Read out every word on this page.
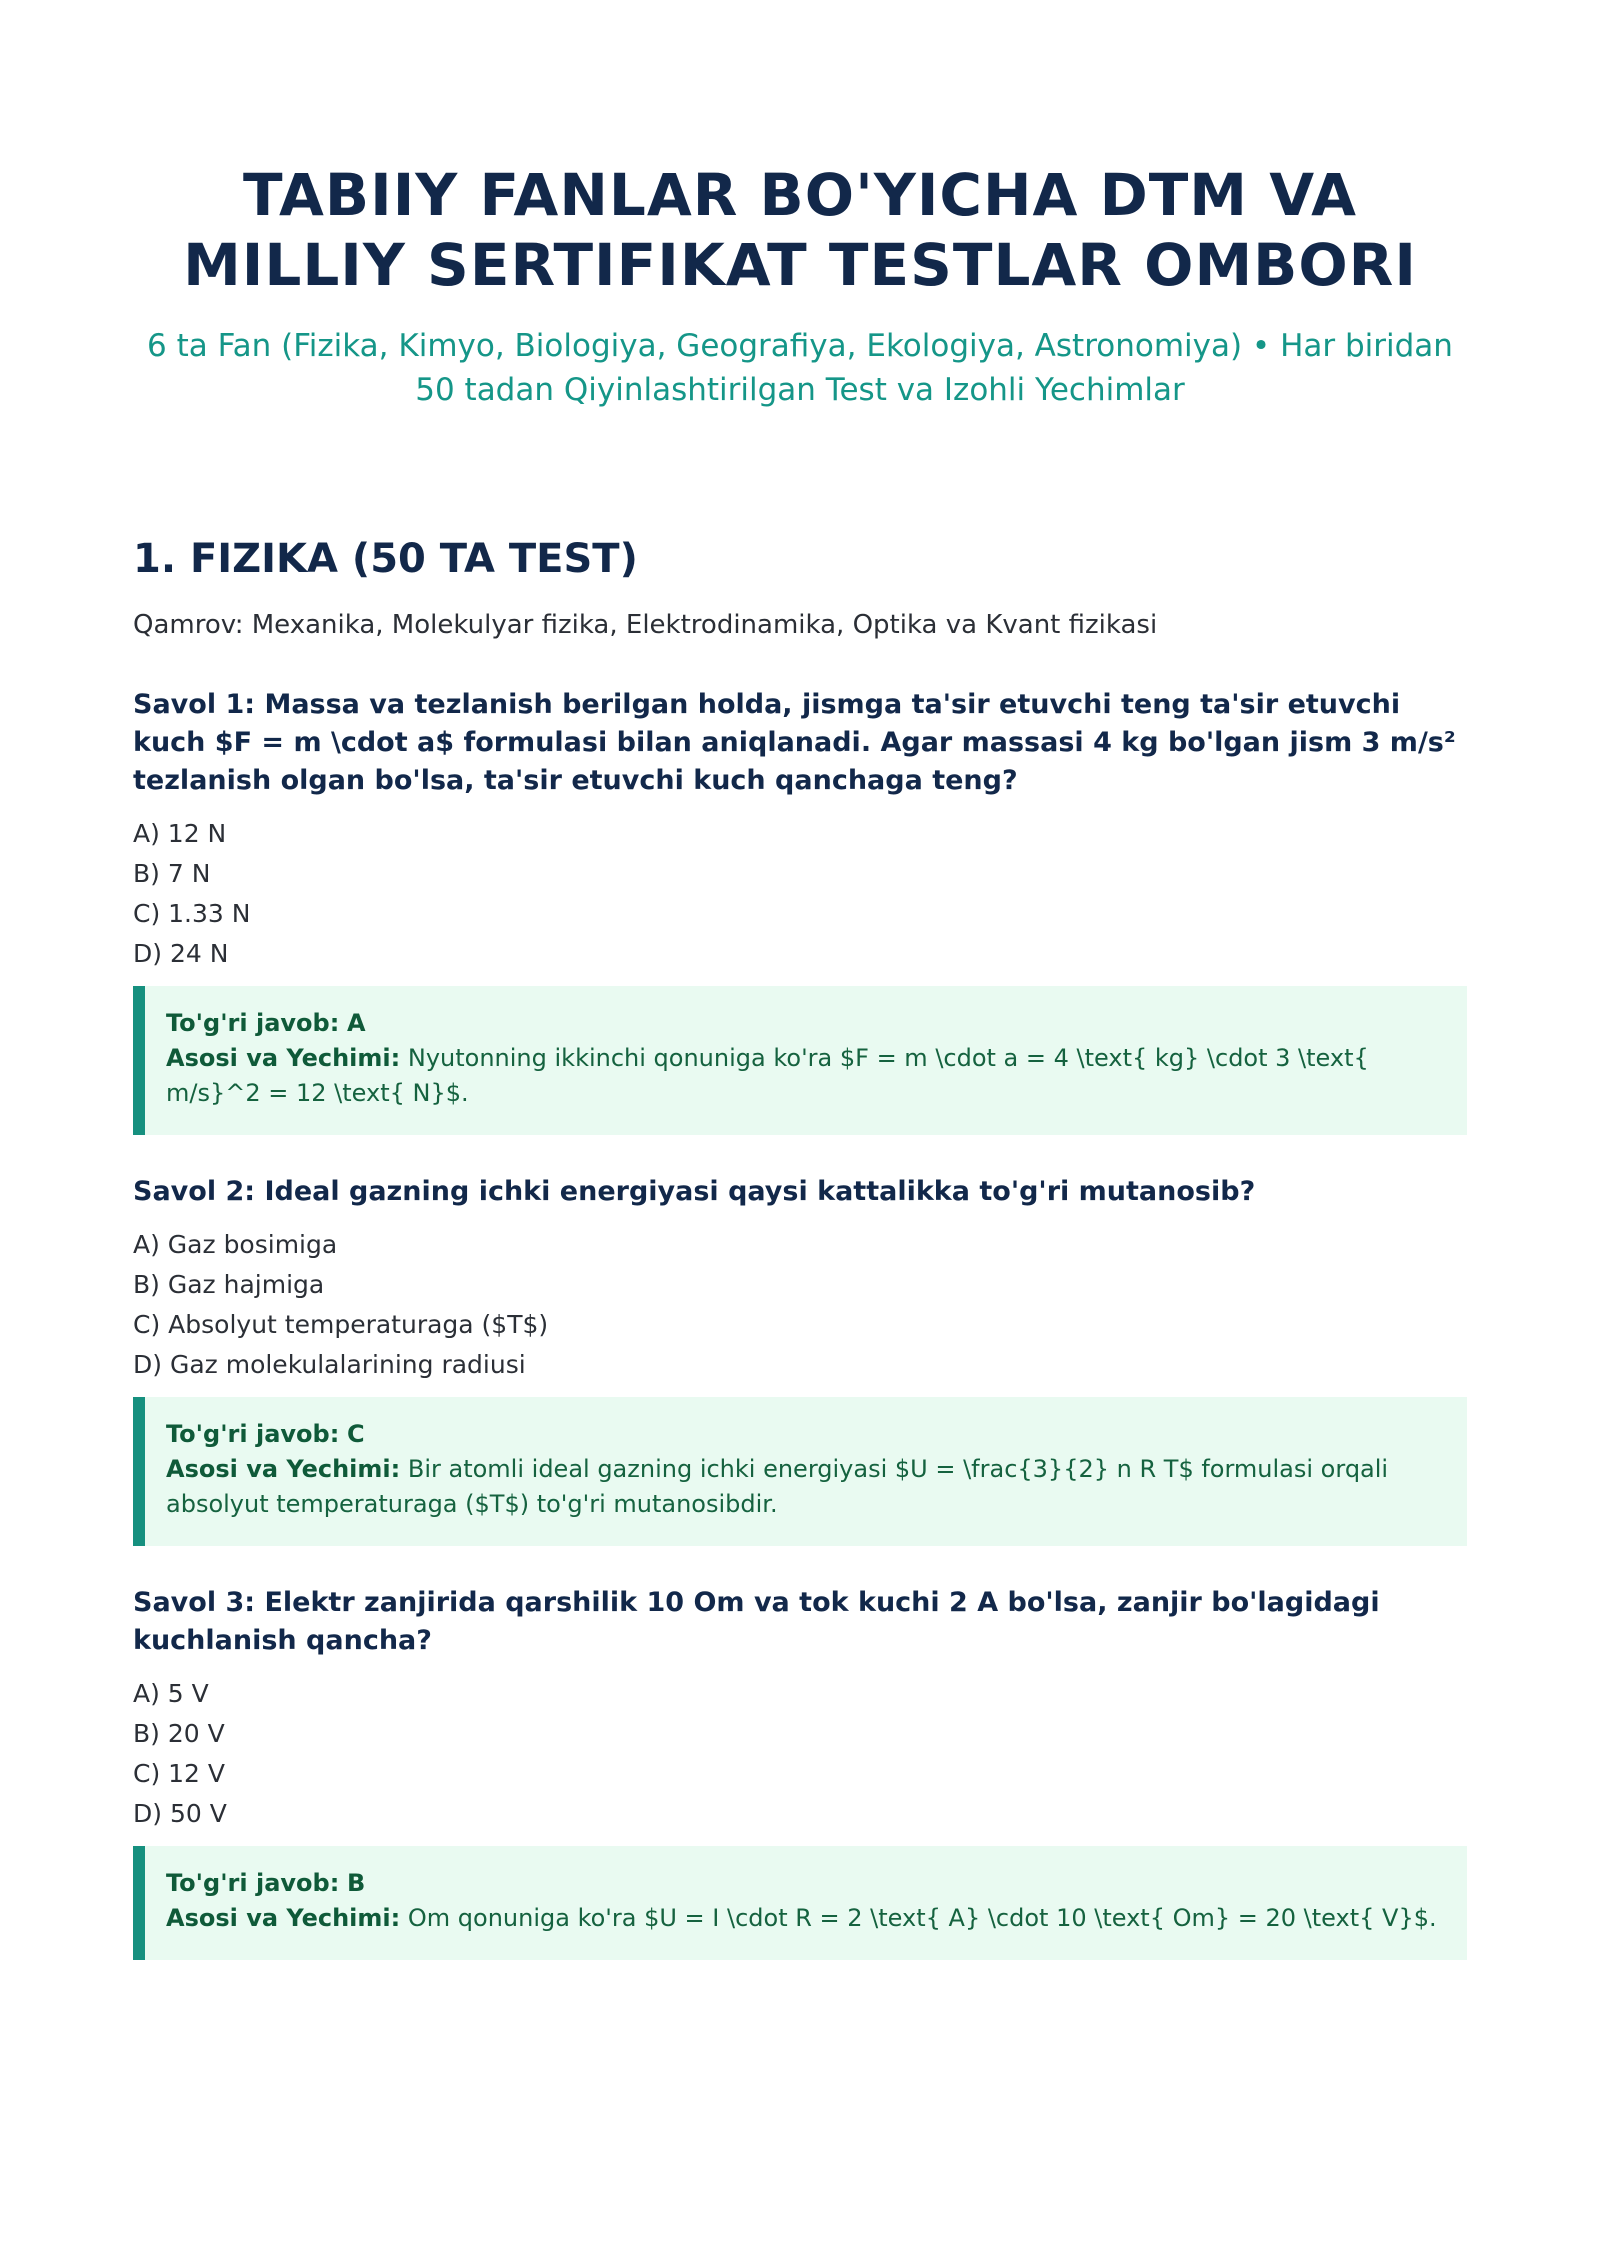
TABIIY FANLAR BO'YICHA DTM VA
MILLIY SERTIFIKAT TESTLAR OMBORI

6 ta Fan (Fizika, Kimyo, Biologiya, Geografiya, Ekologiya, Astronomiya) • Har biridan 50 tadan Qiyinlashtirilgan Test va Izohli Yechimlar

1. FIZIKA (50 TA TEST)

Qamrov: Mexanika, Molekulyar fizika, Elektrodinamika, Optika va Kvant fizikasi

Savol 1: Massa va tezlanish berilgan holda, jismga ta'sir etuvchi teng ta'sir etuvchi kuch $F = m \cdot a$ formulasi bilan aniqlanadi. Agar massasi 4 kg bo'lgan jism 3 m/s² tezlanish olgan bo'lsa, ta'sir etuvchi kuch qanchaga teng?

A) 12 N
B) 7 N
C) 1.33 N
D) 24 N

To'g'ri javob: A

Asosi va Yechimi: Nyutonning ikkinchi qonuniga ko'ra $F = m \cdot a = 4 \text{ kg} \cdot 3 \text{ m/s}^2 = 12 \text{ N}$.

Savol 2: Ideal gazning ichki energiyasi qaysi kattalikka to'g'ri mutanosib?

A) Gaz bosimiga
B) Gaz hajmiga
C) Absolyut temperaturaga ($T$)
D) Gaz molekulalarining radiusi

To'g'ri javob: C

Asosi va Yechimi: Bir atomli ideal gazning ichki energiyasi $U = \frac{3}{2} n R T$ formulasi orqali absolyut temperaturaga ($T$) to'g'ri mutanosibdir.

Savol 3: Elektr zanjirida qarshilik 10 Om va tok kuchi 2 A bo'lsa, zanjir bo'lagidagi kuchlanish qancha?

A) 5 V
B) 20 V
C) 12 V
D) 50 V

To'g'ri javob: B

Asosi va Yechimi: Om qonuniga ko'ra $U = I \cdot R = 2 \text{ A} \cdot 10 \text{ Om} = 20 \text{ V}$.
